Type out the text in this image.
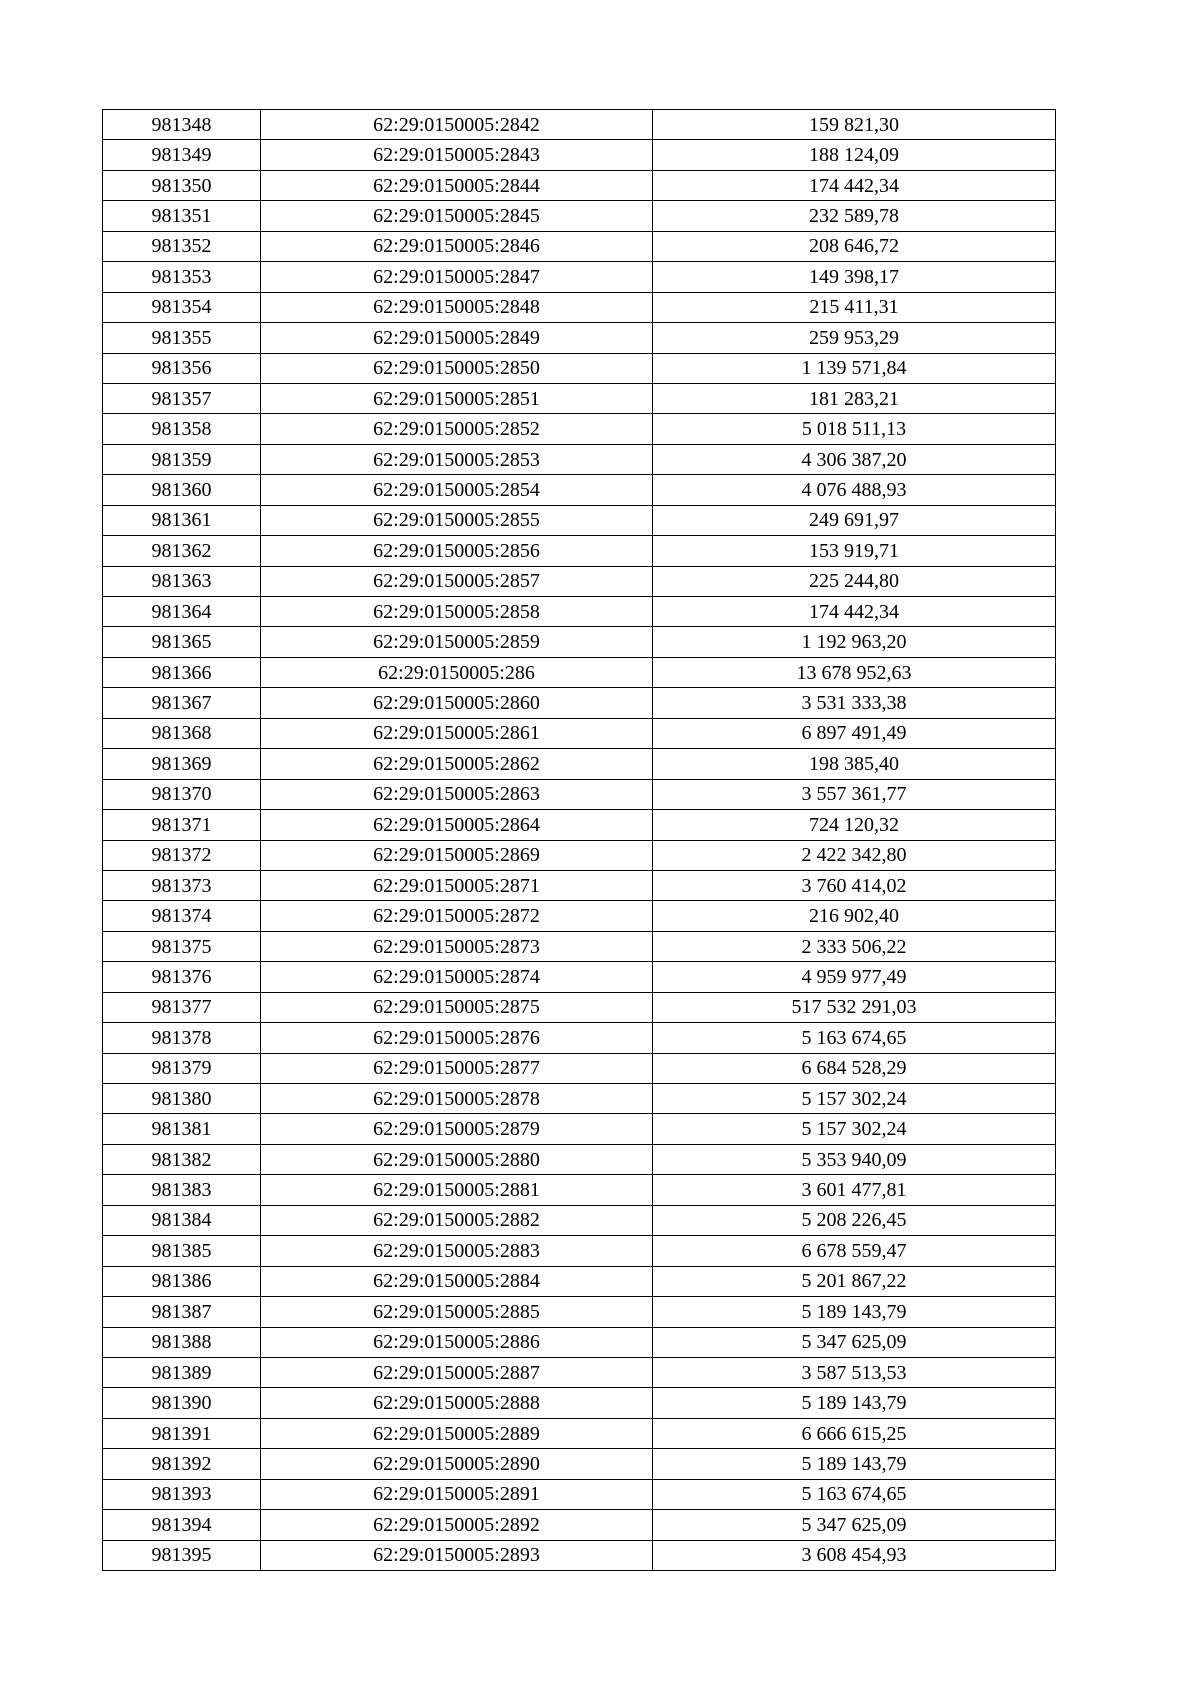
981348	62:29:0150005:2842	159 821,30
981349	62:29:0150005:2843	188 124,09
981350	62:29:0150005:2844	174 442,34
981351	62:29:0150005:2845	232 589,78
981352	62:29:0150005:2846	208 646,72
981353	62:29:0150005:2847	149 398,17
981354	62:29:0150005:2848	215 411,31
981355	62:29:0150005:2849	259 953,29
981356	62:29:0150005:2850	1 139 571,84
981357	62:29:0150005:2851	181 283,21
981358	62:29:0150005:2852	5 018 511,13
981359	62:29:0150005:2853	4 306 387,20
981360	62:29:0150005:2854	4 076 488,93
981361	62:29:0150005:2855	249 691,97
981362	62:29:0150005:2856	153 919,71
981363	62:29:0150005:2857	225 244,80
981364	62:29:0150005:2858	174 442,34
981365	62:29:0150005:2859	1 192 963,20
981366	62:29:0150005:286	13 678 952,63
981367	62:29:0150005:2860	3 531 333,38
981368	62:29:0150005:2861	6 897 491,49
981369	62:29:0150005:2862	198 385,40
981370	62:29:0150005:2863	3 557 361,77
981371	62:29:0150005:2864	724 120,32
981372	62:29:0150005:2869	2 422 342,80
981373	62:29:0150005:2871	3 760 414,02
981374	62:29:0150005:2872	216 902,40
981375	62:29:0150005:2873	2 333 506,22
981376	62:29:0150005:2874	4 959 977,49
981377	62:29:0150005:2875	517 532 291,03
981378	62:29:0150005:2876	5 163 674,65
981379	62:29:0150005:2877	6 684 528,29
981380	62:29:0150005:2878	5 157 302,24
981381	62:29:0150005:2879	5 157 302,24
981382	62:29:0150005:2880	5 353 940,09
981383	62:29:0150005:2881	3 601 477,81
981384	62:29:0150005:2882	5 208 226,45
981385	62:29:0150005:2883	6 678 559,47
981386	62:29:0150005:2884	5 201 867,22
981387	62:29:0150005:2885	5 189 143,79
981388	62:29:0150005:2886	5 347 625,09
981389	62:29:0150005:2887	3 587 513,53
981390	62:29:0150005:2888	5 189 143,79
981391	62:29:0150005:2889	6 666 615,25
981392	62:29:0150005:2890	5 189 143,79
981393	62:29:0150005:2891	5 163 674,65
981394	62:29:0150005:2892	5 347 625,09
981395	62:29:0150005:2893	3 608 454,93
